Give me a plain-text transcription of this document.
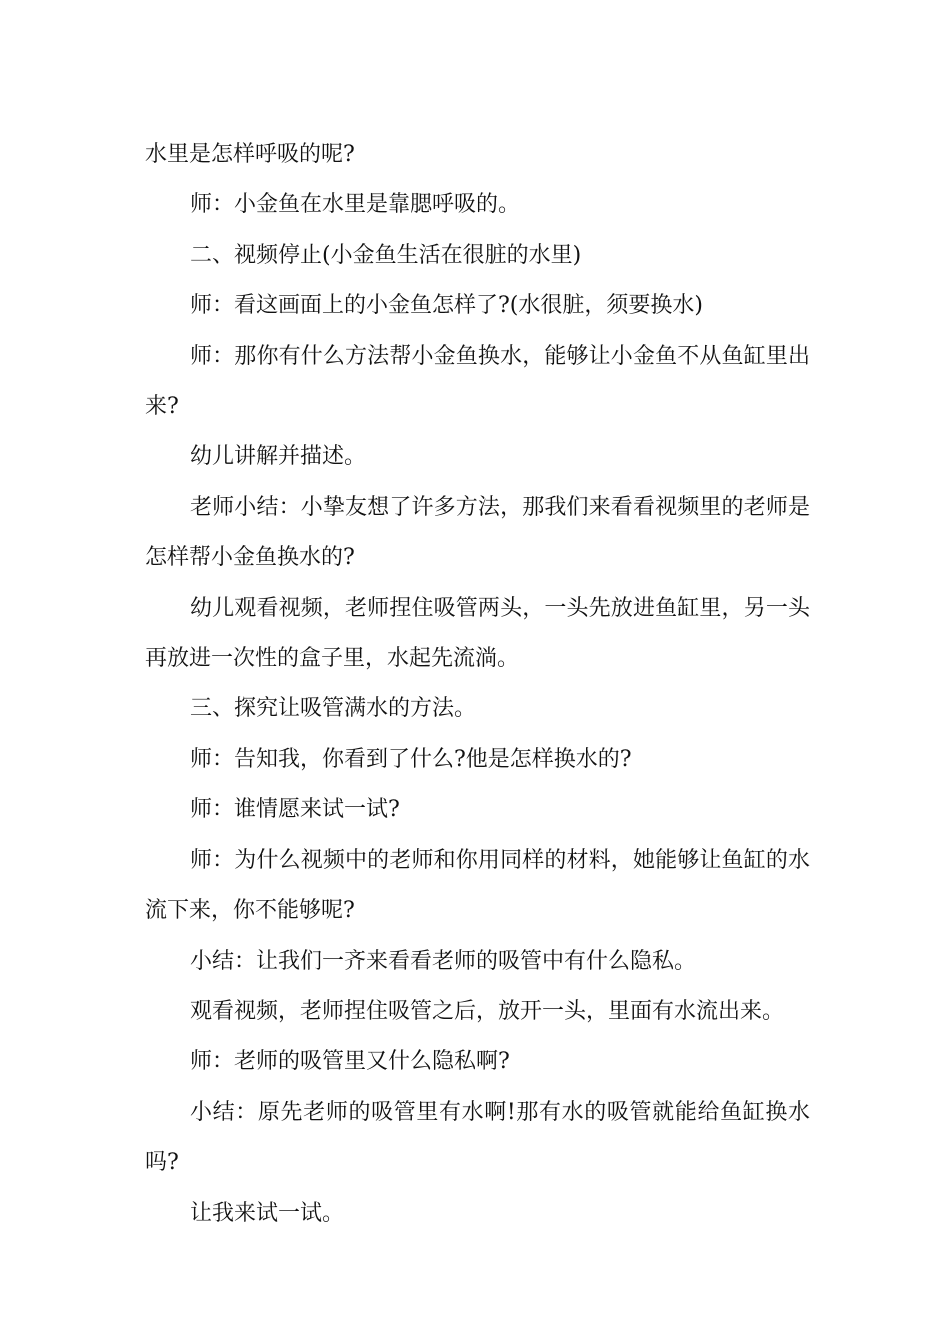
水里是怎样呼吸的呢?

师：小金鱼在水里是靠腮呼吸的。

二、视频停止(小金鱼生活在很脏的水里)

师：看这画面上的小金鱼怎样了?(水很脏，须要换水)

师：那你有什么方法帮小金鱼换水，能够让小金鱼不从鱼缸里出来?

幼儿讲解并描述。

老师小结：小挚友想了许多方法，那我们来看看视频里的老师是怎样帮小金鱼换水的?

幼儿观看视频，老师捏住吸管两头，一头先放进鱼缸里，另一头再放进一次性的盒子里，水起先流淌。

三、探究让吸管满水的方法。

师：告知我，你看到了什么?他是怎样换水的?

师：谁情愿来试一试?

师：为什么视频中的老师和你用同样的材料，她能够让鱼缸的水流下来，你不能够呢?

小结：让我们一齐来看看老师的吸管中有什么隐私。

观看视频，老师捏住吸管之后，放开一头，里面有水流出来。

师：老师的吸管里又什么隐私啊?

小结：原先老师的吸管里有水啊!那有水的吸管就能给鱼缸换水吗?

让我来试一试。
